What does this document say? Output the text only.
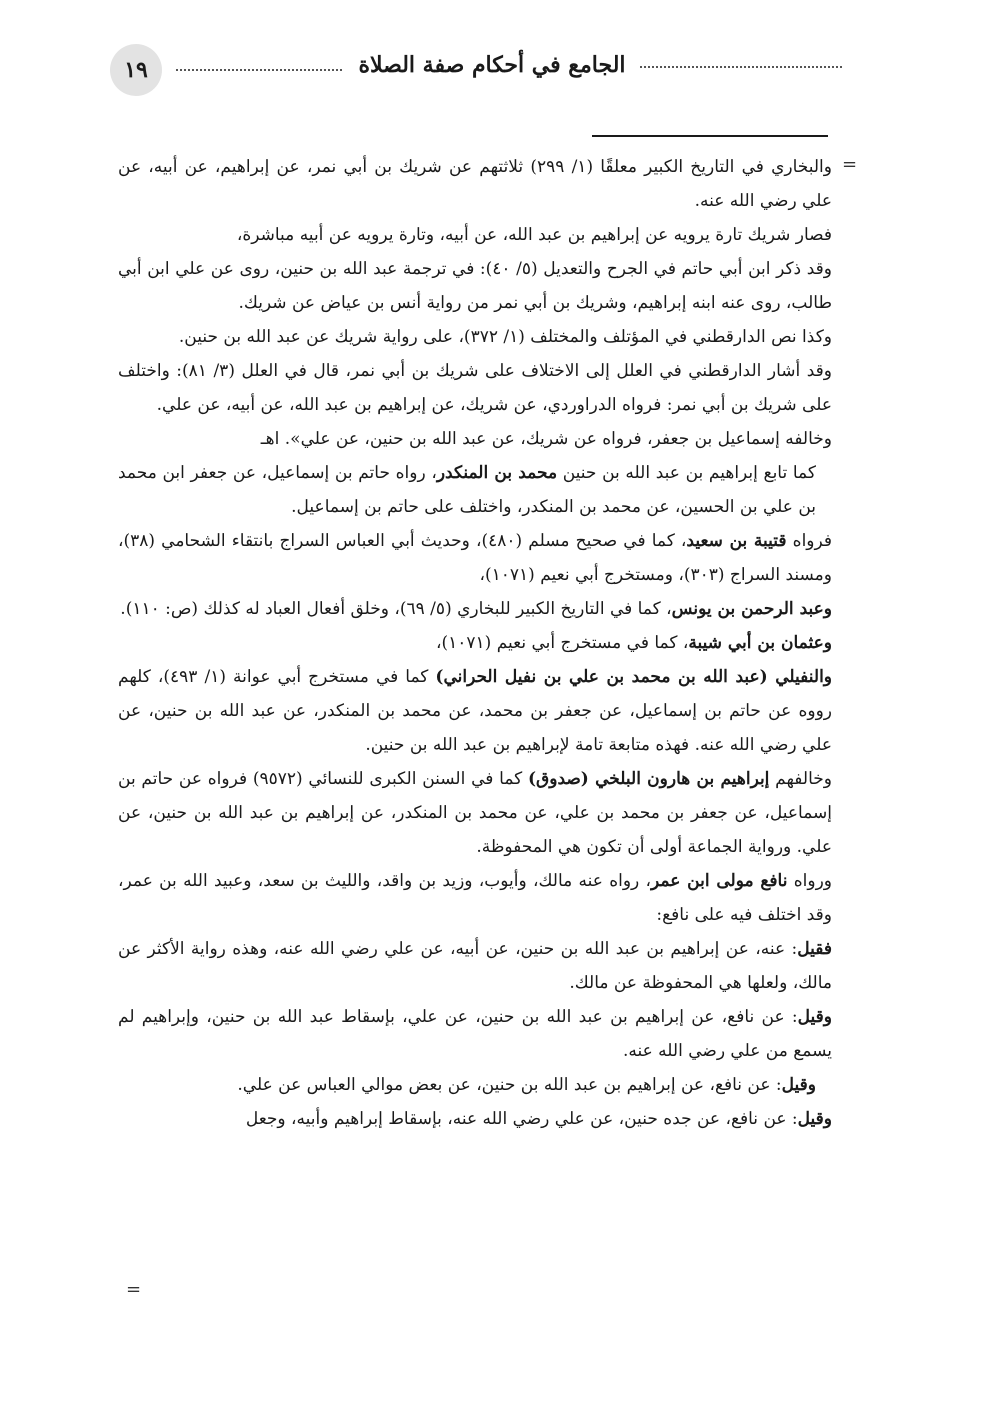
١٩	الجامع في أحكام صفة الصلاة
=
=

والبخاري في التاريخ الكبير معلقًا (١/ ٢٩٩) ثلاثتهم عن شريك بن أبي نمر، عن إبراهيم، عن أبيه، عن علي رضي الله عنه.

فصار شريك تارة يرويه عن إبراهيم بن عبد الله، عن أبيه، وتارة يرويه عن أبيه مباشرة،

وقد ذكر ابن أبي حاتم في الجرح والتعديل (٥/ ٤٠): في ترجمة عبد الله بن حنين، روى عن علي ابن أبي طالب، روى عنه ابنه إبراهيم، وشريك بن أبي نمر من رواية أنس بن عياض عن شريك.

وكذا نص الدارقطني في المؤتلف والمختلف (١/ ٣٧٢)، على رواية شريك عن عبد الله بن حنين.

وقد أشار الدارقطني في العلل إلى الاختلاف على شريك بن أبي نمر، قال في العلل (٣/ ٨١): واختلف على شريك بن أبي نمر: فرواه الدراوردي، عن شريك، عن إبراهيم بن عبد الله، عن أبيه، عن علي.

وخالفه إسماعيل بن جعفر، فرواه عن شريك، عن عبد الله بن حنين، عن علي». اهـ

كما تابع إبراهيم بن عبد الله بن حنين محمد بن المنكدر، رواه حاتم بن إسماعيل، عن جعفر ابن محمد بن علي بن الحسين، عن محمد بن المنكدر، واختلف على حاتم بن إسماعيل.

فرواه قتيبة بن سعيد، كما في صحيح مسلم (٤٨٠)، وحديث أبي العباس السراج بانتقاء الشحامي (٣٨)، ومسند السراج (٣٠٣)، ومستخرج أبي نعيم (١٠٧١)،

وعبد الرحمن بن يونس، كما في التاريخ الكبير للبخاري (٥/ ٦٩)، وخلق أفعال العباد له كذلك (ص: ١١٠).

وعثمان بن أبي شيبة، كما في مستخرج أبي نعيم (١٠٧١)،

والنفيلي (عبد الله بن محمد بن علي بن نفيل الحراني) كما في مستخرج أبي عوانة (١/ ٤٩٣)، كلهم رووه عن حاتم بن إسماعيل، عن جعفر بن محمد، عن محمد بن المنكدر، عن عبد الله بن حنين، عن علي رضي الله عنه. فهذه متابعة تامة لإبراهيم بن عبد الله بن حنين.

وخالفهم إبراهيم بن هارون البلخي (صدوق) كما في السنن الكبرى للنسائي (٩٥٧٢) فرواه عن حاتم بن إسماعيل، عن جعفر بن محمد بن علي، عن محمد بن المنكدر، عن إبراهيم بن عبد الله بن حنين، عن علي. ورواية الجماعة أولى أن تكون هي المحفوظة.

ورواه نافع مولى ابن عمر، رواه عنه مالك، وأيوب، وزيد بن واقد، والليث بن سعد، وعبيد الله بن عمر، وقد اختلف فيه على نافع:

فقيل: عنه، عن إبراهيم بن عبد الله بن حنين، عن أبيه، عن علي رضي الله عنه، وهذه رواية الأكثر عن مالك، ولعلها هي المحفوظة عن مالك.

وقيل: عن نافع، عن إبراهيم بن عبد الله بن حنين، عن علي، بإسقاط عبد الله بن حنين، وإبراهيم لم يسمع من علي رضي الله عنه.

وقيل: عن نافع، عن إبراهيم بن عبد الله بن حنين، عن بعض موالي العباس عن علي.

وقيل: عن نافع، عن جده حنين، عن علي رضي الله عنه، بإسقاط إبراهيم وأبيه، وجعل
